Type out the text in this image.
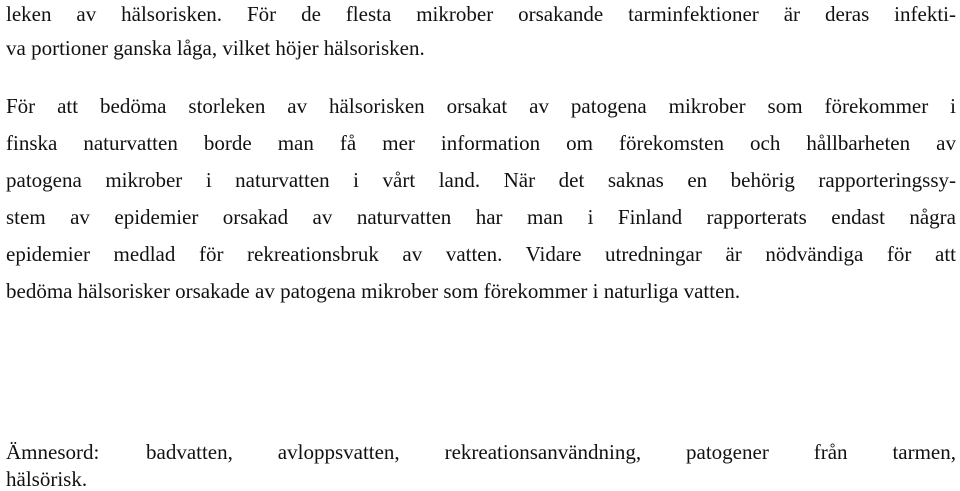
leken av hälsorisken. För de flesta mikrober orsakande tarminfektioner är deras infekti-
va portioner ganska låga, vilket höjer hälsorisken.
För att bedöma storleken av hälsorisken orsakat av patogena mikrober som förekommer i
finska naturvatten borde man få mer information om förekomsten och hållbarheten av
patogena mikrober i naturvatten i vårt land. När det saknas en behörig rapporteringssy-
stem av epidemier orsakad av naturvatten har man i Finland rapporterats endast några
epidemier medlad för rekreationsbruk av vatten. Vidare utredningar är nödvändiga för att
bedöma hälsorisker orsakade av patogena mikrober som förekommer i naturliga vatten.
Ämnesord:	badvatten, avloppsvatten, rekreationsanvändning, patogener från tarmen,
hälsörisk.
